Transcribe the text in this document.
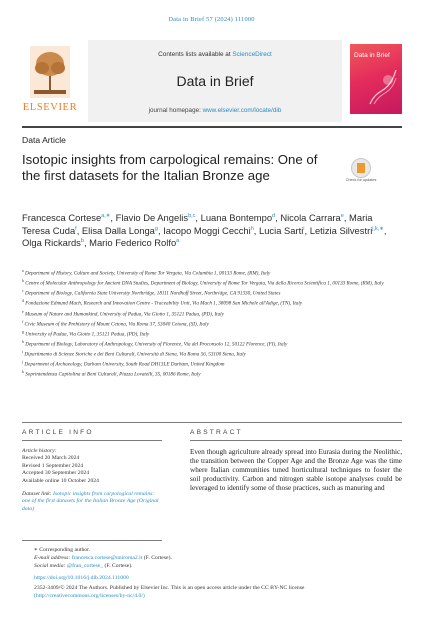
Data in Brief 57 (2024) 111000
ELSEVIER
Contents lists available at ScienceDirect
Data in Brief
journal homepage: www.elsevier.com/locate/dib
Data in Brief
Data Article
Isotopic insights from carpological remains: One of the first datasets for the Italian Bronze age	Check for updates
Francesca Cortese$^{a,∗}$, Flavio De Angelis$^{b,c}$, Luana Bontempo$^d$, Nicola Carrara$^e$, Maria Teresa Cuda$^f$, Elisa Dalla Longa$^g$, Iacopo Moggi Cecchi$^h$, Lucia Sarti$^i$, Letizia Silvestri$^{j,k,∗}$, Olga Rickards$^b$, Mario Federico Rolfo$^a$

$^a$ Department of History, Culture and Society, University of Rome Tor Vergata, Via Columbia 1, 00133 Rome, (RM), Italy

$^b$ Centre of Molecular Anthropology for Ancient DNA Studies, Department of Biology, University of Rome Tor Vergata, Via della Ricerca Scientifica 1, 00133 Rome, (RM), Italy

$^c$ Department of Biology, California State University Northridge, 18111 Nordhoff Street, Northridge, CA 91330, United States

$^d$ Fondazione Edmund Mach, Research and Innovation Centre - Traceability Unit, Via Mach 1, 38098 San Michele all'Adige, (TN), Italy

$^e$ Museum of Nature and Humankind, University of Padua, Via Giotto 1, 35121 Padua, (PD), Italy

$^f$ Civic Museum of the Prehistory of Mount Cetona, Via Roma 37, 53040 Cetona, (SI), Italy

$^g$ University of Padua, Via Giotto 1, 35121 Padua, (PD), Italy

$^h$ Department of Biology, Laboratory of Anthropology, University of Florence, Via del Proconsolo 12, 50122 Florence, (FI), Italy

$^i$ Dipartimento di Scienze Storiche e dei Beni Culturali, Università di Siena, Via Roma 56, 53100 Siena, Italy

$^j$ Department of Archaeology, Durham University, South Road DH13LE Durham, United Kingdom

$^k$ Soprintendenza Capitolina ai Beni Culturali, Piazza Lovatelli, 35, 00186 Rome, Italy

ARTICLE INFO	ABSTRACT
Article history:
Received 20 March 2024
Revised 1 September 2024
Accepted 30 September 2024
Available online 10 October 2024
Dataset link: Isotopic insights from carpological remains: one of the first datasets for the Italian Bronze Age (Original data)
Even though agriculture already spread into Eurasia during the Neolithic, the transition between the Copper Age and the Bronze Age was the time where Italian communities tuned horticultural techniques to foster the soil productivity. Carbon and nitrogen stable isotope analyses could be leveraged to identify some of those practices, such as manuring and
∗ Corresponding author.
E-mail address: francesca.cortese@uniroma2.it (F. Cortese).
Social media: @fran_cortese_ (F. Cortese).
https://doi.org/10.1016/j.dib.2024.111000
2352-3409/© 2024 The Authors. Published by Elsevier Inc. This is an open access article under the CC BY-NC license (http://creativecommons.org/licenses/by-nc/4.0/)
